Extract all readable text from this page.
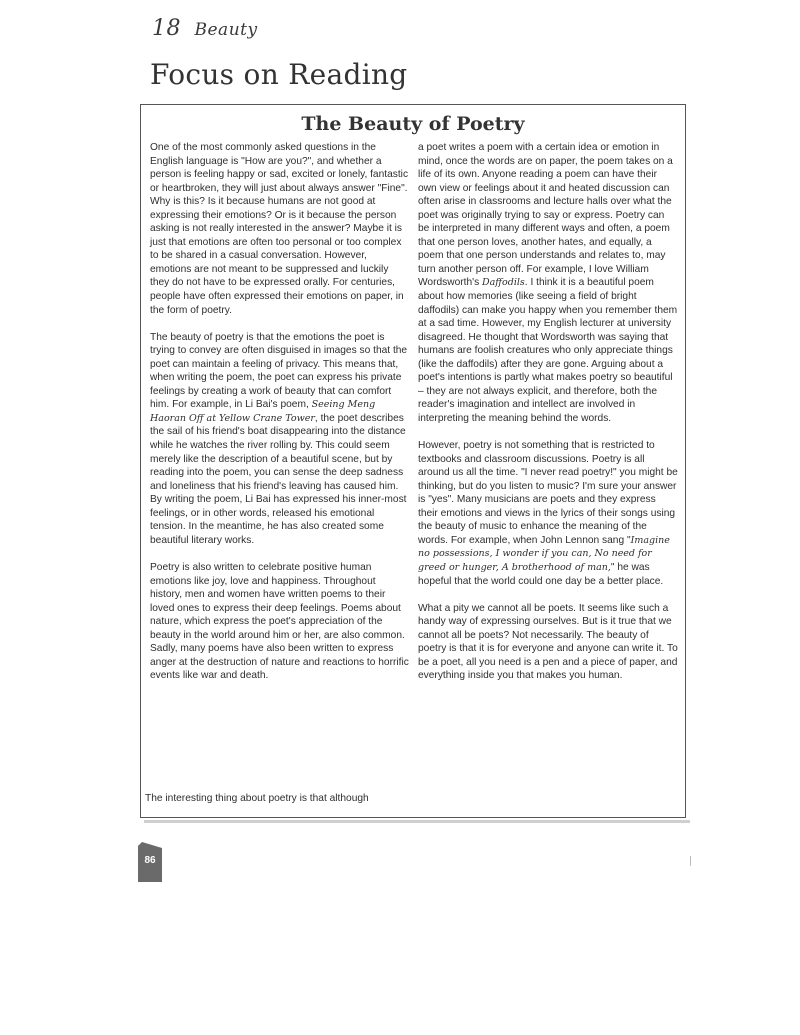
18 Beauty
Focus on Reading
The Beauty of Poetry

One of the most commonly asked questions in the English language is "How are you?", and whether a person is feeling happy or sad, excited or lonely, fantastic or heartbroken, they will just about always answer "Fine". Why is this? Is it because humans are not good at expressing their emotions? Or is it because the person asking is not really interested in the answer? Maybe it is just that emotions are often too personal or too complex to be shared in a casual conversation. However, emotions are not meant to be suppressed and luckily they do not have to be expressed orally. For centuries, people have often expressed their emotions on paper, in the form of poetry.

The beauty of poetry is that the emotions the poet is trying to convey are often disguised in images so that the poet can maintain a feeling of privacy. This means that, when writing the poem, the poet can express his private feelings by creating a work of beauty that can comfort him. For example, in Li Bai's poem, Seeing Meng Haoran Off at Yellow Crane Tower, the poet describes the sail of his friend's boat disappearing into the distance while he watches the river rolling by. This could seem merely like the description of a beautiful scene, but by reading into the poem, you can sense the deep sadness and loneliness that his friend's leaving has caused him. By writing the poem, Li Bai has expressed his inner-most feelings, or in other words, released his emotional tension. In the meantime, he has also created some beautiful literary works.

Poetry is also written to celebrate positive human emotions like joy, love and happiness. Throughout history, men and women have written poems to their loved ones to express their deep feelings. Poems about nature, which express the poet's appreciation of the beauty in the world around him or her, are also common. Sadly, many poems have also been written to express anger at the destruction of nature and reactions to horrific events like war and death.

The interesting thing about poetry is that although

a poet writes a poem with a certain idea or emotion in mind, once the words are on paper, the poem takes on a life of its own. Anyone reading a poem can have their own view or feelings about it and heated discussion can often arise in classrooms and lecture halls over what the poet was originally trying to say or express. Poetry can be interpreted in many different ways and often, a poem that one person loves, another hates, and equally, a poem that one person understands and relates to, may turn another person off. For example, I love William Wordsworth's Daffodils. I think it is a beautiful poem about how memories (like seeing a field of bright daffodils) can make you happy when you remember them at a sad time. However, my English lecturer at university disagreed. He thought that Wordsworth was saying that humans are foolish creatures who only appreciate things (like the daffodils) after they are gone. Arguing about a poet's intentions is partly what makes poetry so beautiful – they are not always explicit, and therefore, both the reader's imagination and intellect are involved in interpreting the meaning behind the words.

However, poetry is not something that is restricted to textbooks and classroom discussions. Poetry is all around us all the time. "I never read poetry!" you might be thinking, but do you listen to music? I'm sure your answer is "yes". Many musicians are poets and they express their emotions and views in the lyrics of their songs using the beauty of music to enhance the meaning of the words. For example, when John Lennon sang "Imagine no possessions, I wonder if you can, No need for greed or hunger, A brotherhood of man," he was hopeful that the world could one day be a better place.

What a pity we cannot all be poets. It seems like such a handy way of expressing ourselves. But is it true that we cannot all be poets? Not necessarily. The beauty of poetry is that it is for everyone and anyone can write it. To be a poet, all you need is a pen and a piece of paper, and everything inside you that makes you human.

86
